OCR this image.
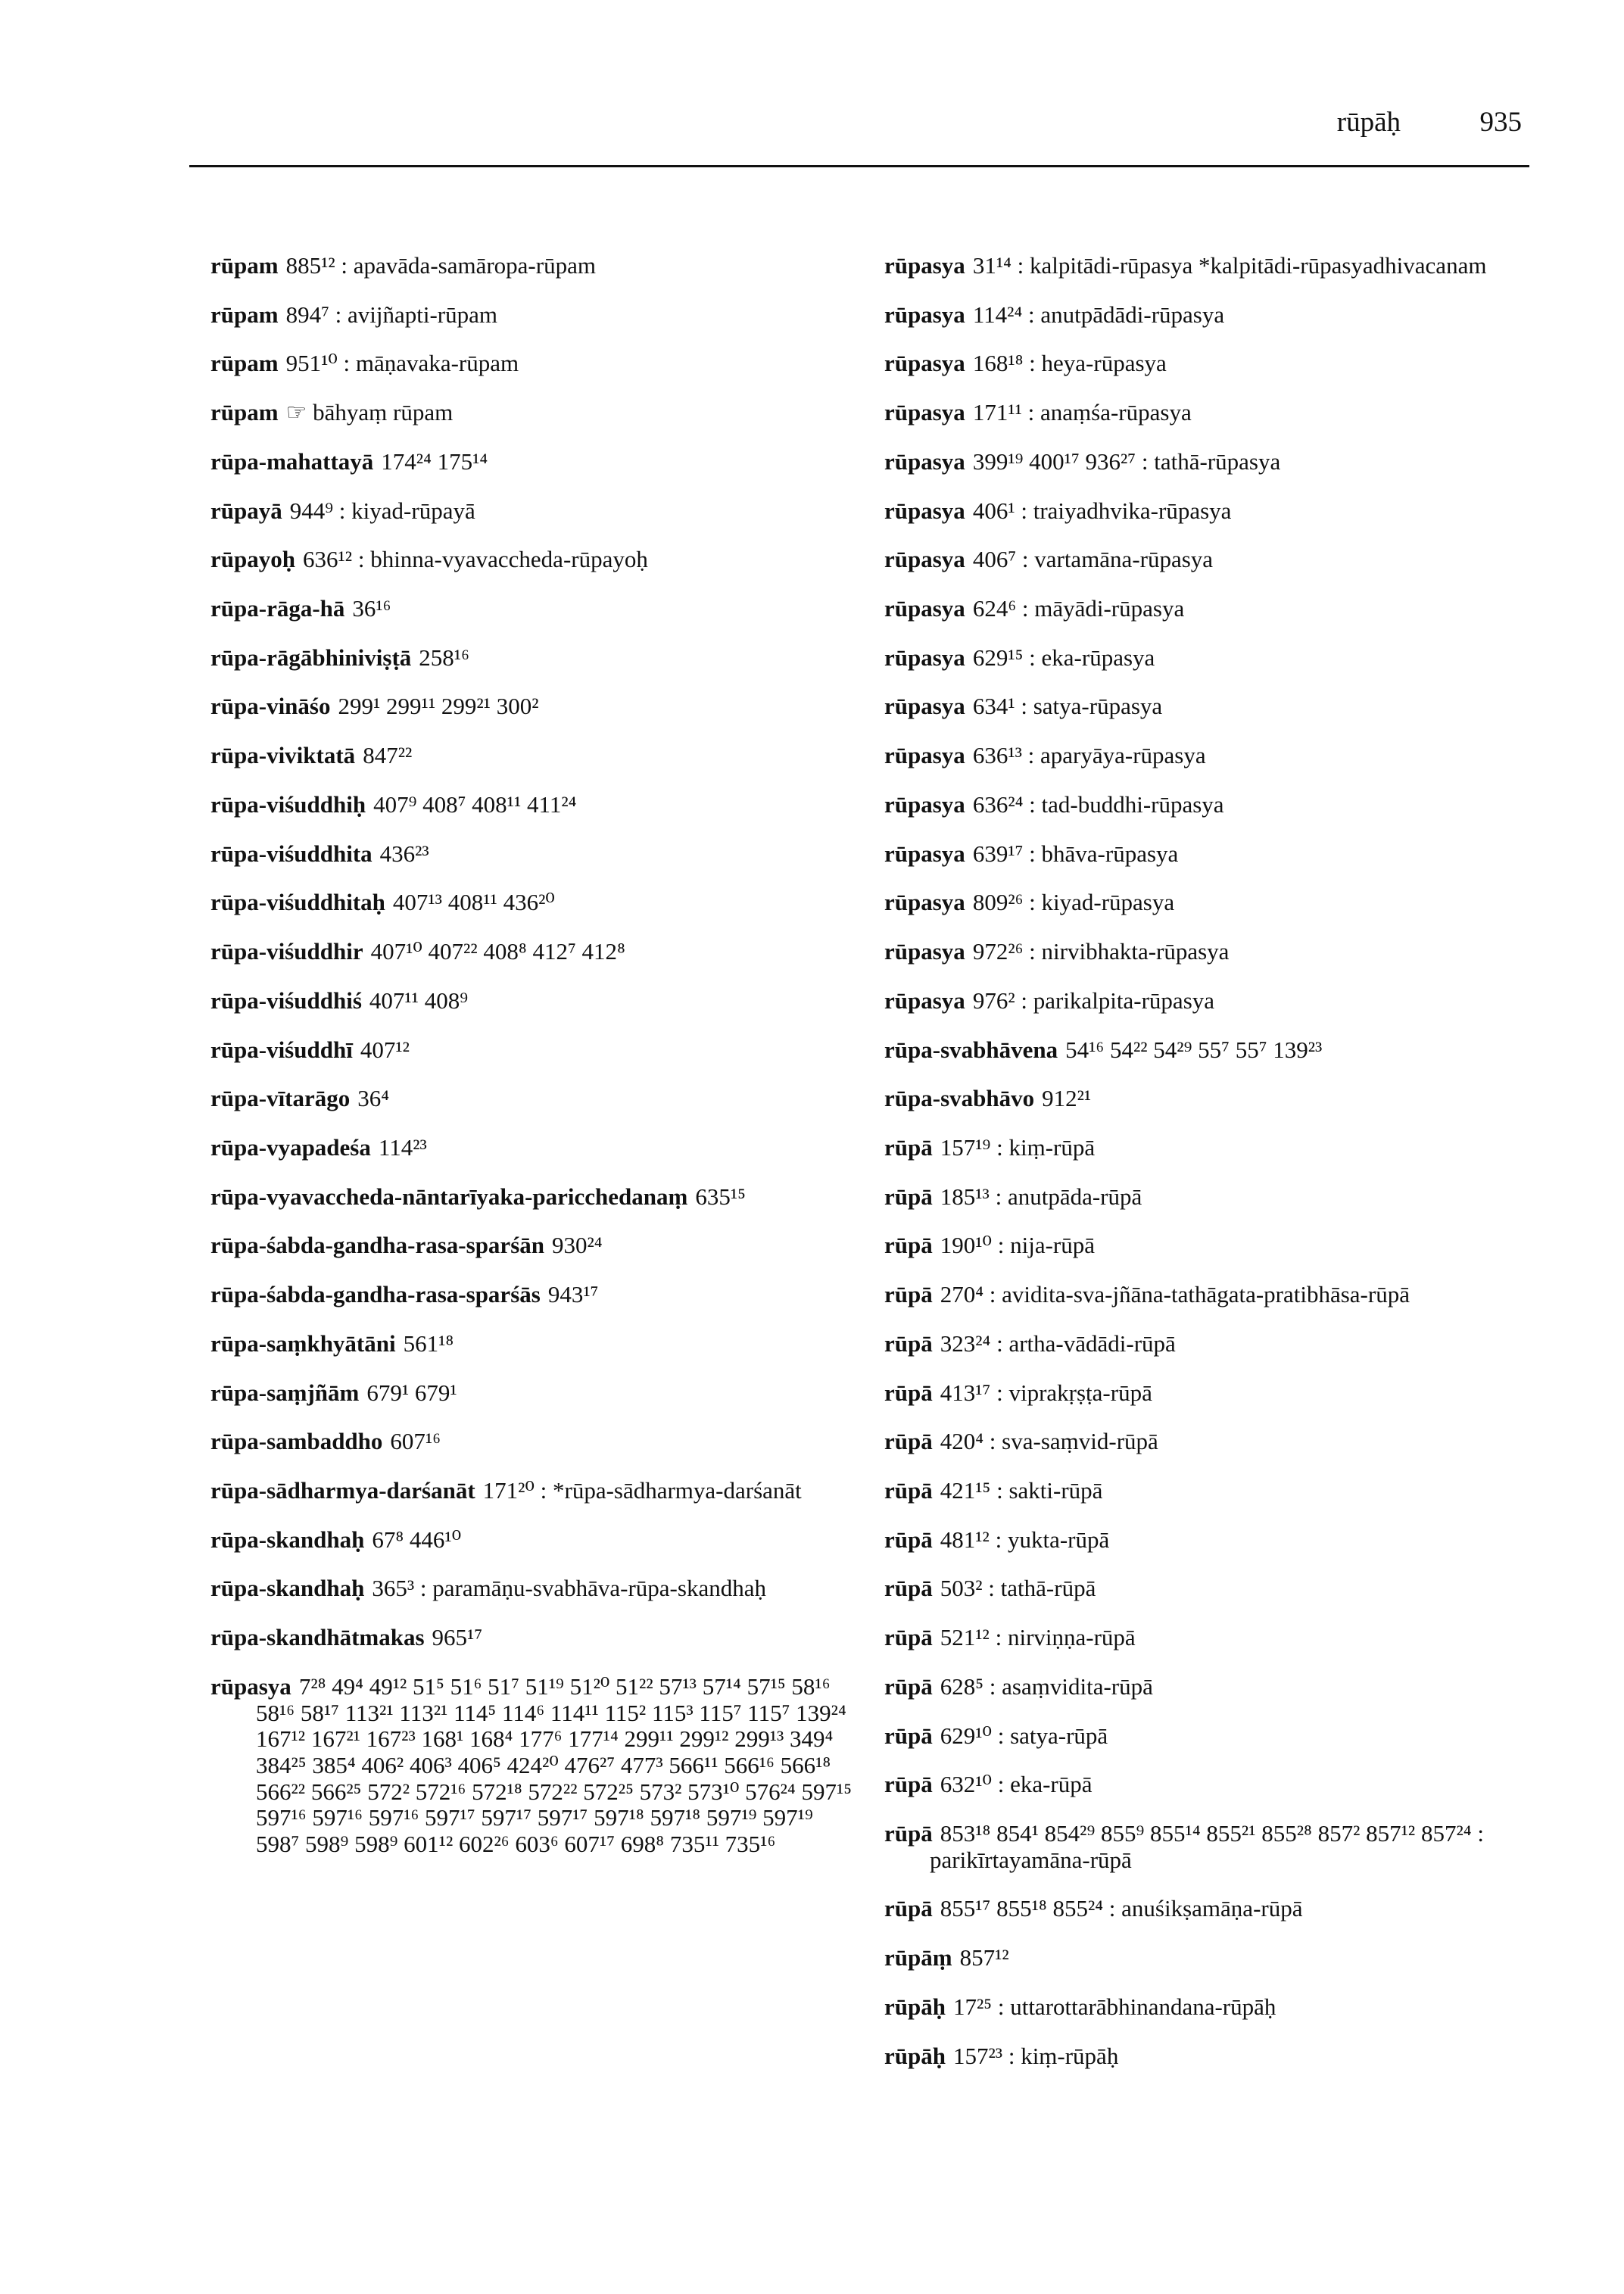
rūpāḥ	935
rūpam 885¹² : apavāda-samāropa-rūpam
rūpam 894⁷ : avijñapti-rūpam
rūpam 951¹⁰ : māṇavaka-rūpam
rūpam ☞ bāhyaṃ rūpam
rūpa-mahattayā 174²⁴ 175¹⁴
rūpayā 944⁹ : kiyad-rūpayā
rūpayoḥ 636¹² : bhinna-vyavaccheda-rūpayoḥ
rūpa-rāga-hā 36¹⁶
rūpa-rāgābhiniviṣṭā 258¹⁶
rūpa-vināśo 299¹ 299¹¹ 299²¹ 300²
rūpa-viviktatā 847²²
rūpa-viśuddhiḥ 407⁹ 408⁷ 408¹¹ 411²⁴
rūpa-viśuddhita 436²³
rūpa-viśuddhitaḥ 407¹³ 408¹¹ 436²⁰
rūpa-viśuddhir 407¹⁰ 407²² 408⁸ 412⁷ 412⁸
rūpa-viśuddhiś 407¹¹ 408⁹
rūpa-viśuddhī 407¹²
rūpa-vītarāgo 36⁴
rūpa-vyapadeśa 114²³
rūpa-vyavaccheda-nāntarīyaka-paricchedanaṃ 635¹⁵
rūpa-śabda-gandha-rasa-sparśān 930²⁴
rūpa-śabda-gandha-rasa-sparśās 943¹⁷
rūpa-saṃkhyātāni 561¹⁸
rūpa-saṃjñām 679¹ 679¹
rūpa-sambaddho 607¹⁶
rūpa-sādharmya-darśanāt 171²⁰ : *rūpa-sādharmya-darśanāt
rūpa-skandhaḥ 67⁸ 446¹⁰
rūpa-skandhaḥ 365³ : paramāṇu-svabhāva-rūpa-skandhaḥ
rūpa-skandhātmakas 965¹⁷
rūpasya 7²⁸ 49⁴ 49¹² 51⁵ 51⁶ 51⁷ 51¹⁹ 51²⁰ 51²² 57¹³ 57¹⁴ 57¹⁵ 58¹⁶ 58¹⁶ 58¹⁷ 113²¹ 113²¹ 114⁵ 114⁶ 114¹¹ 115² 115³ 115⁷ 115⁷ 139²⁴ 167¹² 167²¹ 167²³ 168¹ 168⁴ 177⁶ 177¹⁴ 299¹¹ 299¹² 299¹³ 349⁴ 384²⁵ 385⁴ 406² 406³ 406⁵ 424²⁰ 476²⁷ 477³ 566¹¹ 566¹⁶ 566¹⁸ 566²² 566²⁵ 572² 572¹⁶ 572¹⁸ 572²² 572²⁵ 573² 573¹⁰ 576²⁴ 597¹⁵ 597¹⁶ 597¹⁶ 597¹⁶ 597¹⁷ 597¹⁷ 597¹⁷ 597¹⁸ 597¹⁸ 597¹⁹ 597¹⁹ 598⁷ 598⁹ 598⁹ 601¹² 602²⁶ 603⁶ 607¹⁷ 698⁸ 735¹¹ 735¹⁶
rūpasya 31¹⁴ : kalpitādi-rūpasya *kalpitādi-rūpasyadhivacanam
rūpasya 114²⁴ : anutpādādi-rūpasya
rūpasya 168¹⁸ : heya-rūpasya
rūpasya 171¹¹ : anaṃśa-rūpasya
rūpasya 399¹⁹ 400¹⁷ 936²⁷ : tathā-rūpasya
rūpasya 406¹ : traiyadhvika-rūpasya
rūpasya 406⁷ : vartamāna-rūpasya
rūpasya 624⁶ : māyādi-rūpasya
rūpasya 629¹⁵ : eka-rūpasya
rūpasya 634¹ : satya-rūpasya
rūpasya 636¹³ : aparyāya-rūpasya
rūpasya 636²⁴ : tad-buddhi-rūpasya
rūpasya 639¹⁷ : bhāva-rūpasya
rūpasya 809²⁶ : kiyad-rūpasya
rūpasya 972²⁶ : nirvibhakta-rūpasya
rūpasya 976² : parikalpita-rūpasya
rūpa-svabhāvena 54¹⁶ 54²² 54²⁹ 55⁷ 55⁷ 139²³
rūpa-svabhāvo 912²¹
rūpā 157¹⁹ : kiṃ-rūpā
rūpā 185¹³ : anutpāda-rūpā
rūpā 190¹⁰ : nija-rūpā
rūpā 270⁴ : avidita-sva-jñāna-tathāgata-pratibhāsa-rūpā
rūpā 323²⁴ : artha-vādādi-rūpā
rūpā 413¹⁷ : viprakṛṣṭa-rūpā
rūpā 420⁴ : sva-saṃvid-rūpā
rūpā 421¹⁵ : sakti-rūpā
rūpā 481¹² : yukta-rūpā
rūpā 503² : tathā-rūpā
rūpā 521¹² : nirviṇṇa-rūpā
rūpā 628⁵ : asaṃvidita-rūpā
rūpā 629¹⁰ : satya-rūpā
rūpā 632¹⁰ : eka-rūpā
rūpā 853¹⁸ 854¹ 854²⁹ 855⁹ 855¹⁴ 855²¹ 855²⁸ 857² 857¹² 857²⁴ : parikīrtayamāna-rūpā
rūpā 855¹⁷ 855¹⁸ 855²⁴ : anuśikṣamāṇa-rūpā
rūpāṃ 857¹²
rūpāḥ 17²⁵ : uttarottarābhinandana-rūpāḥ
rūpāḥ 157²³ : kiṃ-rūpāḥ
